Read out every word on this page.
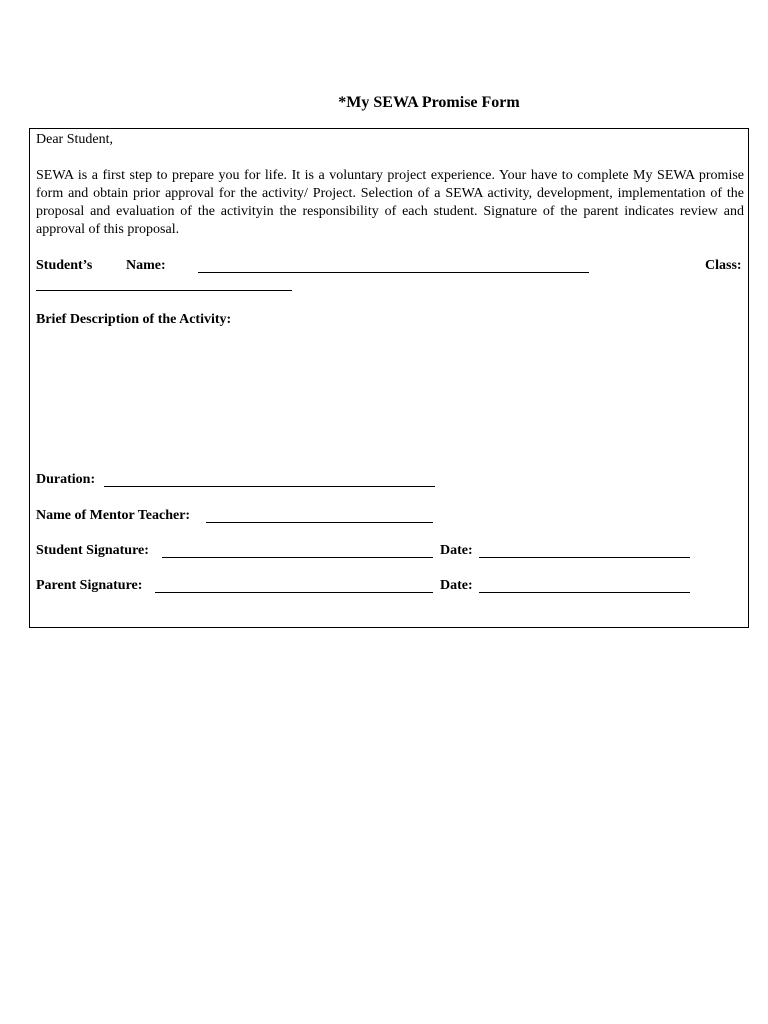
*My SEWA Promise Form
Dear Student,
SEWA is a first step to prepare you for life. It is a voluntary project experience. Your have to complete My SEWA promise form and obtain prior approval for the activity/ Project. Selection of a SEWA activity, development, implementation of the proposal and evaluation of the activityin the responsibility of each student. Signature of the parent indicates review and approval of this proposal.
Student’s Name:	Class:
Brief Description of the Activity:
Duration:
Name of Mentor Teacher:
Student Signature:	Date:
Parent Signature:	Date:
